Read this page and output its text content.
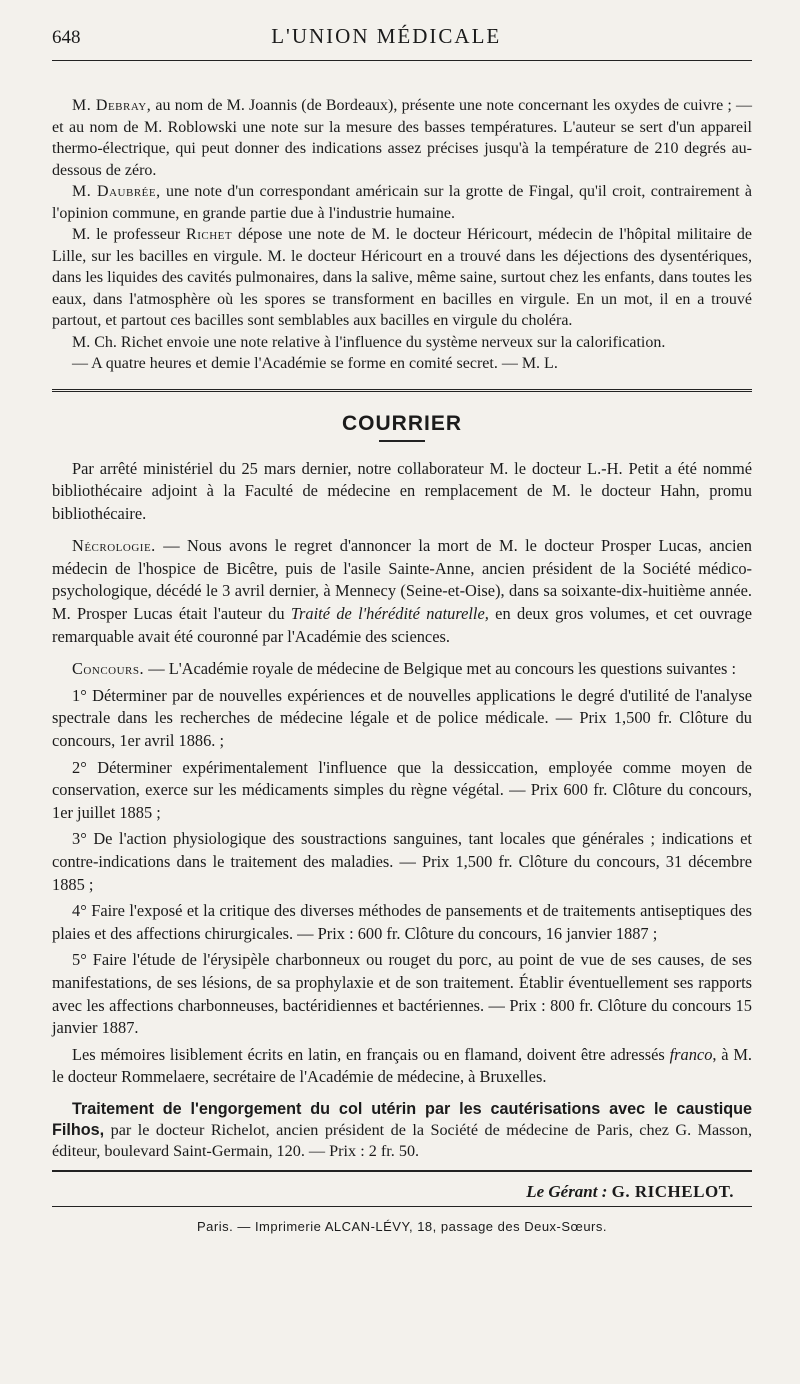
648	L'UNION MÉDICALE

M. Debray, au nom de M. Joannis (de Bordeaux), présente une note concernant les oxydes de cuivre ; — et au nom de M. Roblowski une note sur la mesure des basses températures. L'auteur se sert d'un appareil thermo-électrique, qui peut donner des indications assez précises jusqu'à la température de 210 degrés au-dessous de zéro.

M. Daubrée, une note d'un correspondant américain sur la grotte de Fingal, qu'il croit, contrairement à l'opinion commune, en grande partie due à l'industrie humaine.

M. le professeur Richet dépose une note de M. le docteur Héricourt, médecin de l'hôpital militaire de Lille, sur les bacilles en virgule. M. le docteur Héricourt en a trouvé dans les déjections des dysentériques, dans les liquides des cavités pulmonaires, dans la salive, même saine, surtout chez les enfants, dans toutes les eaux, dans l'atmosphère où les spores se transforment en bacilles en virgule. En un mot, il en a trouvé partout, et partout ces bacilles sont semblables aux bacilles en virgule du choléra.

M. Ch. Richet envoie une note relative à l'influence du système nerveux sur la calorification.

— A quatre heures et demie l'Académie se forme en comité secret. — M. L.

COURRIER

Par arrêté ministériel du 25 mars dernier, notre collaborateur M. le docteur L.-H. Petit a été nommé bibliothécaire adjoint à la Faculté de médecine en remplacement de M. le docteur Hahn, promu bibliothécaire.

Nécrologie. — Nous avons le regret d'annoncer la mort de M. le docteur Prosper Lucas, ancien médecin de l'hospice de Bicêtre, puis de l'asile Sainte-Anne, ancien président de la Société médico-psychologique, décédé le 3 avril dernier, à Mennecy (Seine-et-Oise), dans sa soixante-dix-huitième année. M. Prosper Lucas était l'auteur du Traité de l'hérédité naturelle, en deux gros volumes, et cet ouvrage remarquable avait été couronné par l'Académie des sciences.

Concours. — L'Académie royale de médecine de Belgique met au concours les questions suivantes :

1° Déterminer par de nouvelles expériences et de nouvelles applications le degré d'utilité de l'analyse spectrale dans les recherches de médecine légale et de police médicale. — Prix 1,500 fr. Clôture du concours, 1er avril 1886. ;

2° Déterminer expérimentalement l'influence que la dessiccation, employée comme moyen de conservation, exerce sur les médicaments simples du règne végétal. — Prix 600 fr. Clôture du concours, 1er juillet 1885 ;

3° De l'action physiologique des soustractions sanguines, tant locales que générales ; indications et contre-indications dans le traitement des maladies. — Prix 1,500 fr. Clôture du concours, 31 décembre 1885 ;

4° Faire l'exposé et la critique des diverses méthodes de pansements et de traitements antiseptiques des plaies et des affections chirurgicales. — Prix : 600 fr. Clôture du concours, 16 janvier 1887 ;

5° Faire l'étude de l'érysipèle charbonneux ou rouget du porc, au point de vue de ses causes, de ses manifestations, de ses lésions, de sa prophylaxie et de son traitement. Établir éventuellement ses rapports avec les affections charbonneuses, bactéridiennes et bactériennes. — Prix : 800 fr. Clôture du concours 15 janvier 1887.

Les mémoires lisiblement écrits en latin, en français ou en flamand, doivent être adressés franco, à M. le docteur Rommelaere, secrétaire de l'Académie de médecine, à Bruxelles.

Traitement de l'engorgement du col utérin par les cautérisations avec le caustique Filhos, par le docteur Richelot, ancien président de la Société de médecine de Paris, chez G. Masson, éditeur, boulevard Saint-Germain, 120. — Prix : 2 fr. 50.

Le Gérant : G. RICHELOT.
Paris. — Imprimerie ALCAN-LÉVY, 18, passage des Deux-Sœurs.
